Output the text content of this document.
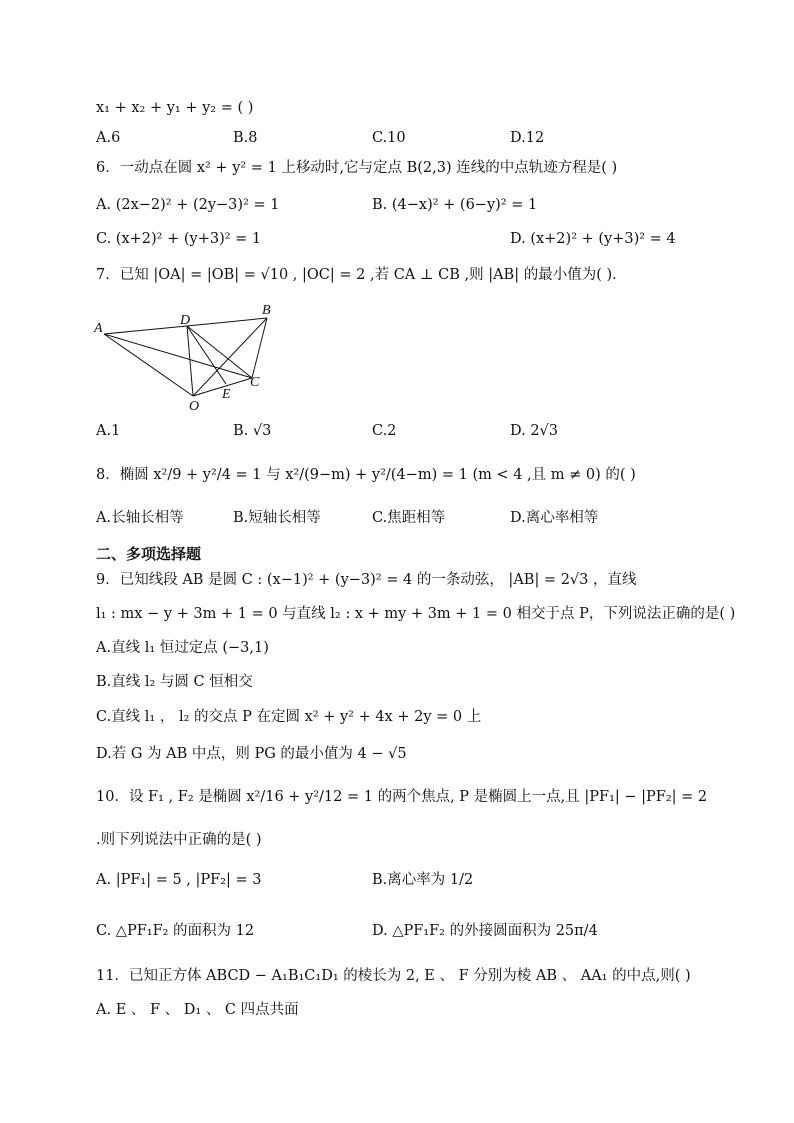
x₁ + x₂ + y₁ + y₂ = ( )
A.6	B.8	C.10	D.12
6．一动点在圆 x² + y² = 1 上移动时,它与定点 B(2,3) 连线的中点轨迹方程是( )
A. (2x−2)² + (2y−3)² = 1	B. (4−x)² + (6−y)² = 1
C. (x+2)² + (y+3)² = 1	D. (x+2)² + (y+3)² = 4
7．已知 |OA| = |OB| = √10 , |OC| = 2 ,若 CA ⊥ CB ,则 |AB| 的最小值为( ).
A
D
B
C
E
O
A.1	B. √3	C.2	D. 2√3
8．椭圆 x²/9 + y²/4 = 1 与 x²/(9−m) + y²/(4−m) = 1 (m < 4 ,且 m ≠ 0) 的( )
A.长轴长相等	B.短轴长相等	C.焦距相等	D.离心率相等
二、多项选择题
9．已知线段 AB 是圆 C : (x−1)² + (y−3)² = 4 的一条动弦， |AB| = 2√3 ，直线
l₁ : mx − y + 3m + 1 = 0 与直线 l₂ : x + my + 3m + 1 = 0 相交于点 P，下列说法正确的是( )
A.直线 l₁ 恒过定点 (−3,1)
B.直线 l₂ 与圆 C 恒相交
C.直线 l₁ ， l₂ 的交点 P 在定圆 x² + y² + 4x + 2y = 0 上
D.若 G 为 AB 中点，则 PG 的最小值为 4 − √5
10．设 F₁ , F₂ 是椭圆 x²/16 + y²/12 = 1 的两个焦点, P 是椭圆上一点,且 |PF₁| − |PF₂| = 2
.则下列说法中正确的是( )
A. |PF₁| = 5 , |PF₂| = 3	B.离心率为 1/2
C. △PF₁F₂ 的面积为 12	D. △PF₁F₂ 的外接圆面积为 25π/4
11．已知正方体 ABCD − A₁B₁C₁D₁ 的棱长为 2, E 、 F 分别为棱 AB 、 AA₁ 的中点,则( )
A. E 、 F 、 D₁ 、 C 四点共面
